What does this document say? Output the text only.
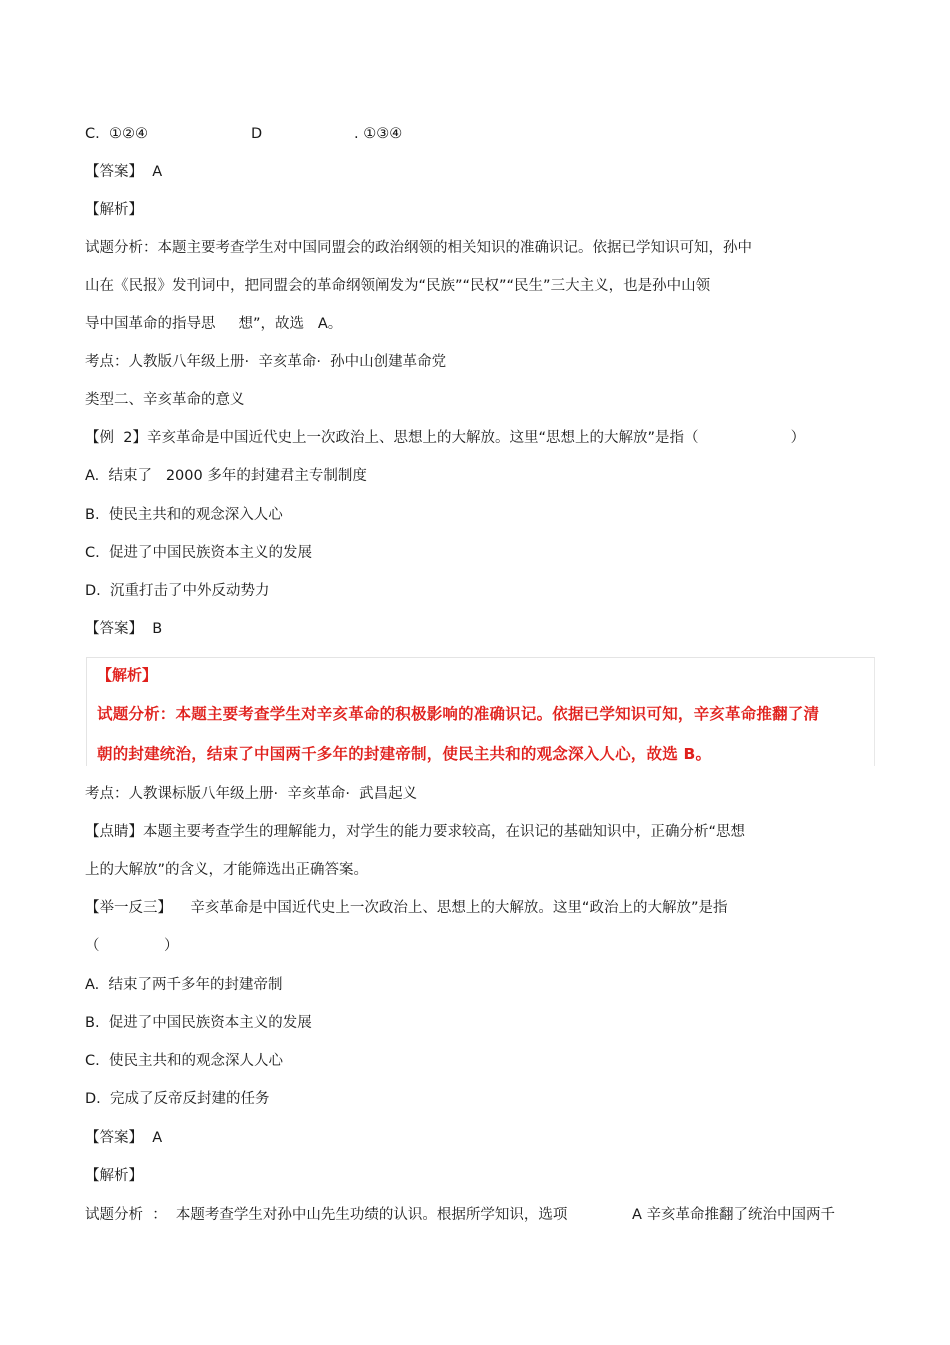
C.  ①②④	D	. ①③④
【答案】  A
【解析】
试题分析：本题主要考查学生对中国同盟会的政治纲领的相关知识的准确识记。依据已学知识可知，孙中
山在《民报》发刊词中，把同盟会的革命纲领阐发为“民族”“民权”“民生”三大主义，也是孙中山领
导中国革命的指导思     想”，故选   A。
考点：人教版八年级上册·  辛亥革命·  孙中山创建革命党
类型二、辛亥革命的意义
【例  2】辛亥革命是中国近代史上一次政治上、思想上的大解放。这里“思想上的大解放”是指（                    ）
A.  结束了   2000 多年的封建君主专制制度
B.  使民主共和的观念深入人心
C.  促进了中国民族资本主义的发展
D.  沉重打击了中外反动势力
【答案】  B
【解析】
试题分析：本题主要考查学生对辛亥革命的积极影响的准确识记。依据已学知识可知，辛亥革命推翻了清
朝的封建统治，结束了中国两千多年的封建帝制，使民主共和的观念深入人心，故选 B。
考点：人教课标版八年级上册·  辛亥革命·  武昌起义
【点睛】本题主要考查学生的理解能力，对学生的能力要求较高，在识记的基础知识中，正确分析“思想
上的大解放”的含义，才能筛选出正确答案。
【举一反三】    辛亥革命是中国近代史上一次政治上、思想上的大解放。这里“政治上的大解放”是指
（              ）
A.  结束了两千多年的封建帝制
B.  促进了中国民族资本主义的发展
C.  使民主共和的观念深人人心
D.  完成了反帝反封建的任务
【答案】  A
【解析】
试题分析  ：  本题考查学生对孙中山先生功绩的认识。根据所学知识，选项              A 辛亥革命推翻了统治中国两千
